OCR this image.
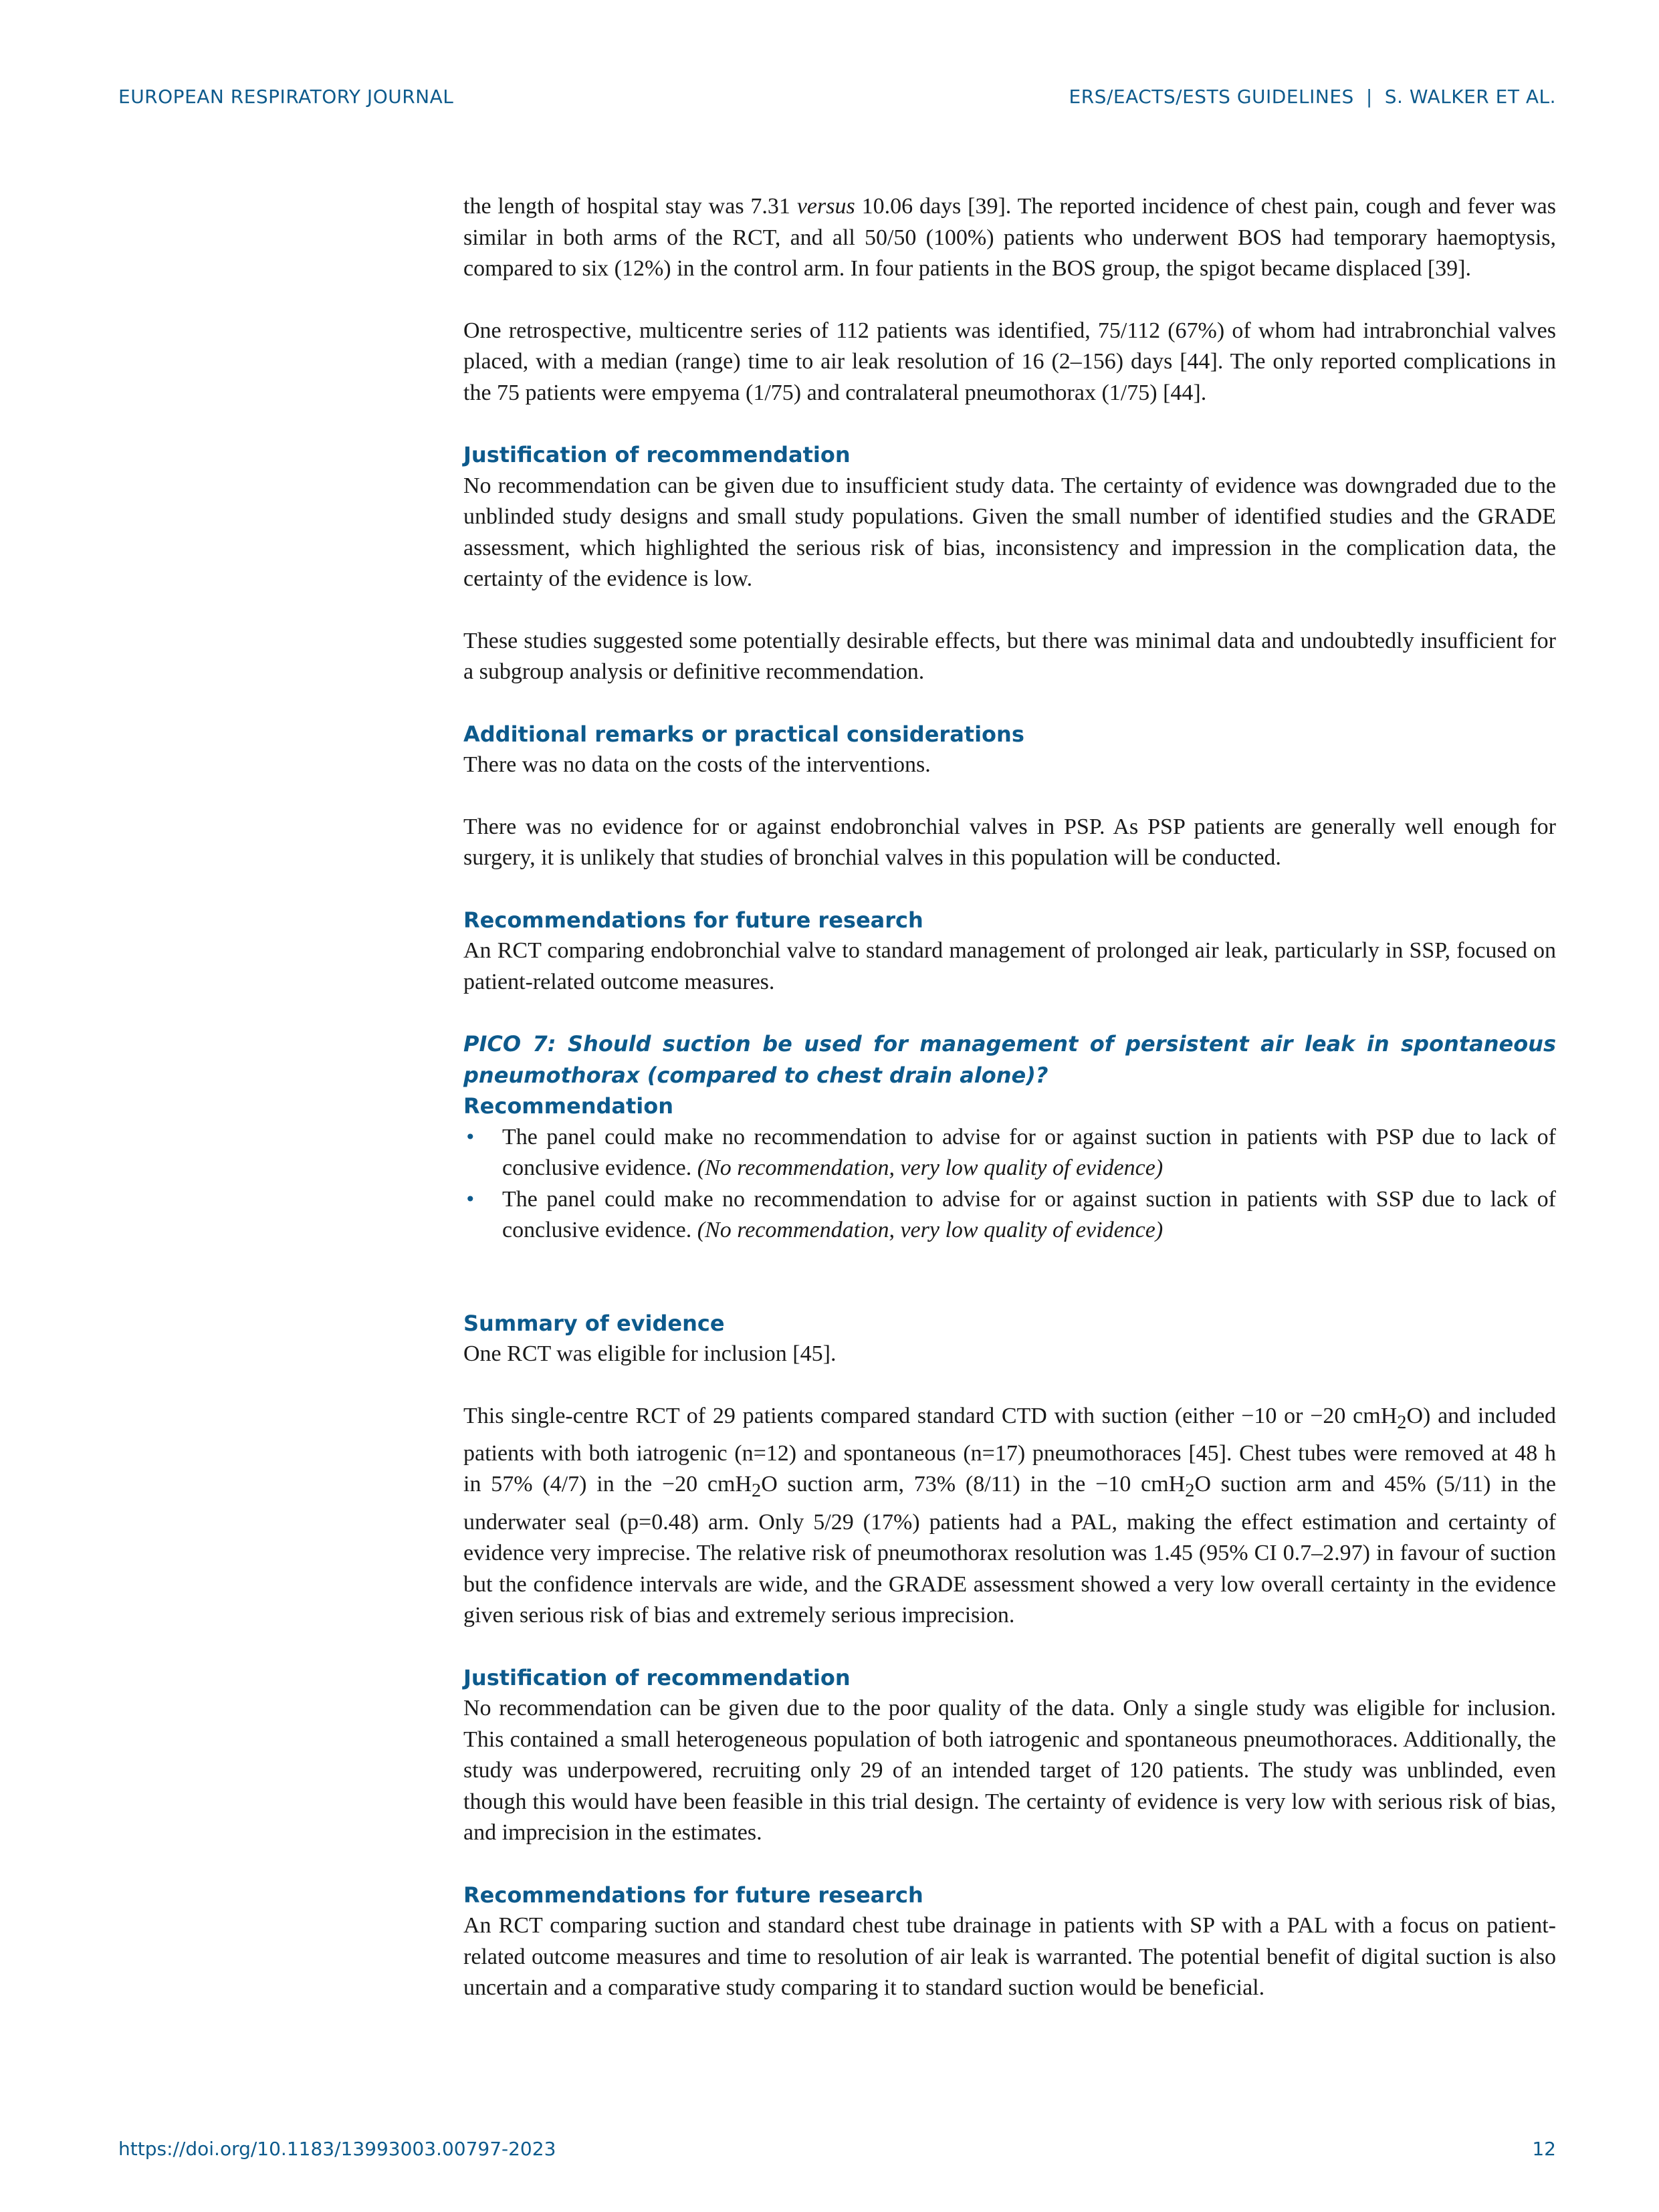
EUROPEAN RESPIRATORY JOURNAL	ERS/EACTS/ESTS GUIDELINES | S. WALKER ET AL.

the length of hospital stay was 7.31 versus 10.06 days [39]. The reported incidence of chest pain, cough and fever was similar in both arms of the RCT, and all 50/50 (100%) patients who underwent BOS had temporary haemoptysis, compared to six (12%) in the control arm. In four patients in the BOS group, the spigot became displaced [39].

One retrospective, multicentre series of 112 patients was identified, 75/112 (67%) of whom had intrabronchial valves placed, with a median (range) time to air leak resolution of 16 (2–156) days [44]. The only reported complications in the 75 patients were empyema (1/75) and contralateral pneumothorax (1/75) [44].

Justification of recommendation

No recommendation can be given due to insufficient study data. The certainty of evidence was downgraded due to the unblinded study designs and small study populations. Given the small number of identified studies and the GRADE assessment, which highlighted the serious risk of bias, inconsistency and impression in the complication data, the certainty of the evidence is low.

These studies suggested some potentially desirable effects, but there was minimal data and undoubtedly insufficient for a subgroup analysis or definitive recommendation.

Additional remarks or practical considerations

There was no data on the costs of the interventions.

There was no evidence for or against endobronchial valves in PSP. As PSP patients are generally well enough for surgery, it is unlikely that studies of bronchial valves in this population will be conducted.

Recommendations for future research

An RCT comparing endobronchial valve to standard management of prolonged air leak, particularly in SSP, focused on patient-related outcome measures.

PICO 7: Should suction be used for management of persistent air leak in spontaneous pneumothorax (compared to chest drain alone)?
Recommendation
• The panel could make no recommendation to advise for or against suction in patients with PSP due to lack of conclusive evidence. (No recommendation, very low quality of evidence)
• The panel could make no recommendation to advise for or against suction in patients with SSP due to lack of conclusive evidence. (No recommendation, very low quality of evidence)
Summary of evidence

One RCT was eligible for inclusion [45].

This single-centre RCT of 29 patients compared standard CTD with suction (either −10 or −20 cmH$_2$O) and included patients with both iatrogenic (n=12) and spontaneous (n=17) pneumothoraces [45]. Chest tubes were removed at 48 h in 57% (4/7) in the −20 cmH$_2$O suction arm, 73% (8/11) in the −10 cmH$_2$O suction arm and 45% (5/11) in the underwater seal (p=0.48) arm. Only 5/29 (17%) patients had a PAL, making the effect estimation and certainty of evidence very imprecise. The relative risk of pneumothorax resolution was 1.45 (95% CI 0.7–2.97) in favour of suction but the confidence intervals are wide, and the GRADE assessment showed a very low overall certainty in the evidence given serious risk of bias and extremely serious imprecision.

Justification of recommendation

No recommendation can be given due to the poor quality of the data. Only a single study was eligible for inclusion. This contained a small heterogeneous population of both iatrogenic and spontaneous pneumothoraces. Additionally, the study was underpowered, recruiting only 29 of an intended target of 120 patients. The study was unblinded, even though this would have been feasible in this trial design. The certainty of evidence is very low with serious risk of bias, and imprecision in the estimates.

Recommendations for future research

An RCT comparing suction and standard chest tube drainage in patients with SP with a PAL with a focus on patient-related outcome measures and time to resolution of air leak is warranted. The potential benefit of digital suction is also uncertain and a comparative study comparing it to standard suction would be beneficial.

https://doi.org/10.1183/13993003.00797-2023	12
